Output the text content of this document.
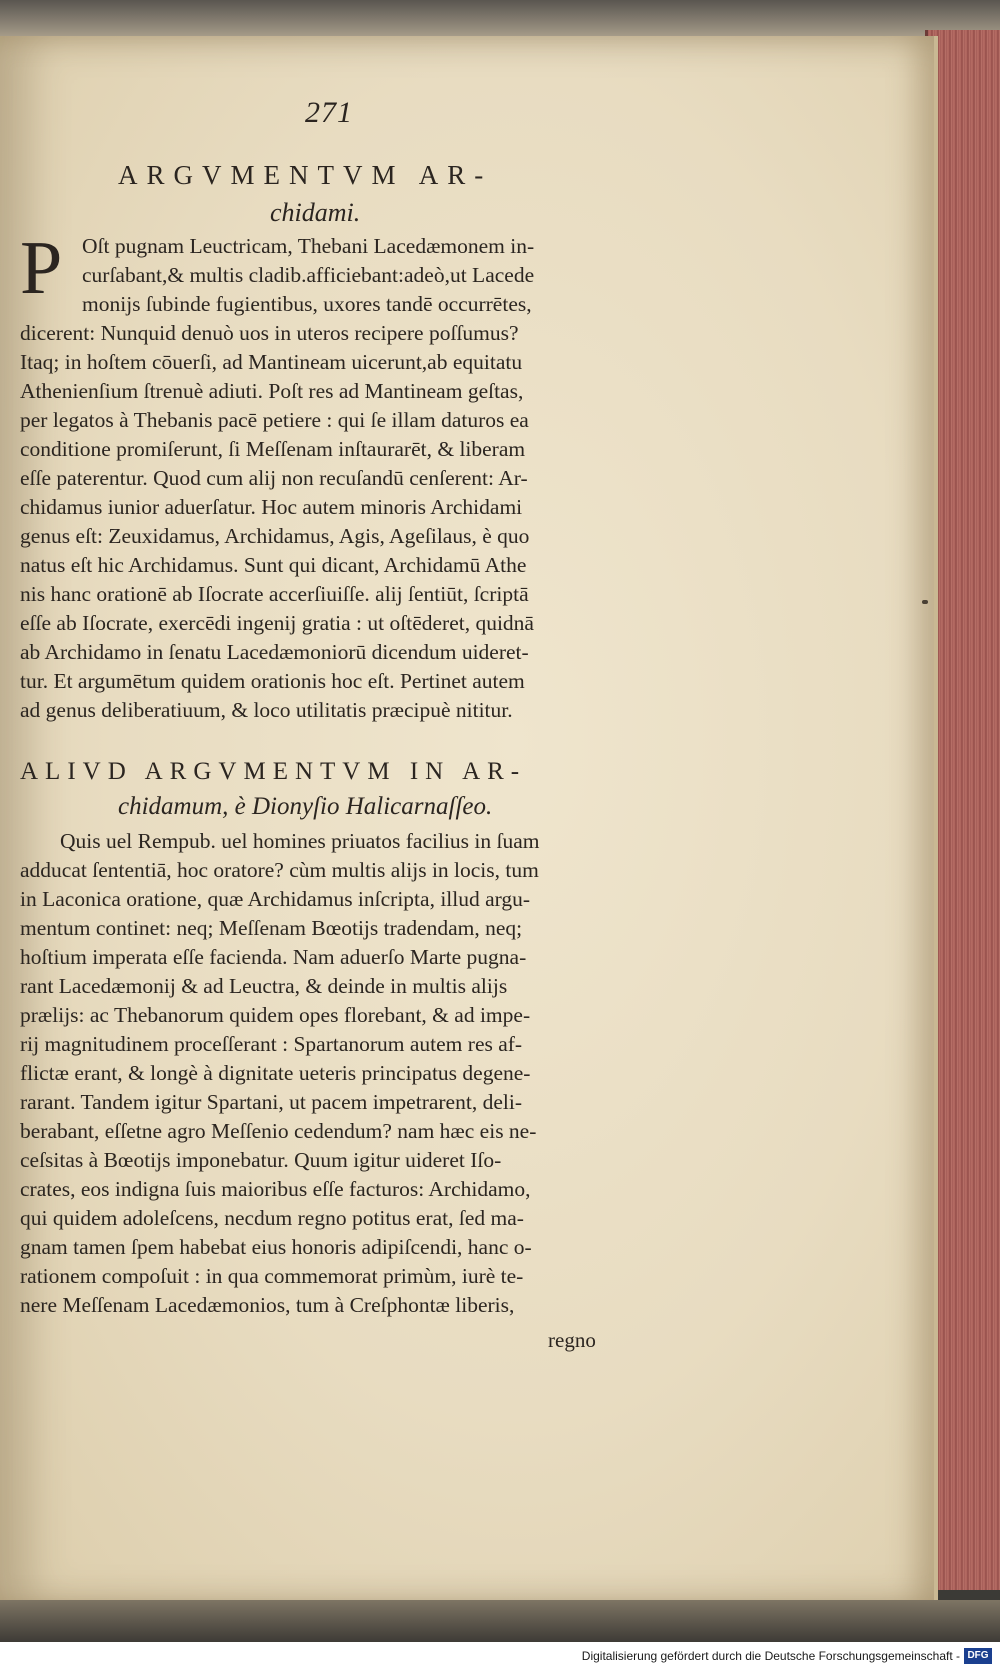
271
ARGVMENTVM AR-
chidami.
P Oſt pugnam Leuctricam, Thebani Lacedæmonem in-
curſabant,& multis cladib.afficiebant:adeò,ut Lacede
monijs ſubinde fugientibus, uxores tandē occurrētes,
dicerent: Nunquid denuò uos in uteros recipere poſſumus?
Itaq; in hoſtem cōuerſi, ad Mantineam uicerunt,ab equitatu
Athenienſium ſtrenuè adiuti. Poſt res ad Mantineam geſtas,
per legatos à Thebanis pacē petiere : qui ſe illam daturos ea
conditione promiſerunt, ſi Meſſenam inſtaurarēt, & liberam
eſſe paterentur. Quod cum alij non recuſandū cenſerent: Ar-
chidamus iunior aduerſatur. Hoc autem minoris Archidami
genus eſt: Zeuxidamus, Archidamus, Agis, Ageſilaus, è quo
natus eſt hic Archidamus. Sunt qui dicant, Archidamū Athe
nis hanc orationē ab Iſocrate accerſiuiſſe. alij ſentiūt, ſcriptā
eſſe ab Iſocrate, exercēdi ingenij gratia : ut oſtēderet, quidnā
ab Archidamo in ſenatu Lacedæmoniorū dicendum uideret-
tur. Et argumētum quidem orationis hoc eſt. Pertinet autem
ad genus deliberatiuum, & loco utilitatis præcipuè nititur.
ALIVD ARGVMENTVM IN AR-
chidamum, è Dionyſio Halicarnaſſeo.
Quis uel Rempub. uel homines priuatos facilius in ſuam
adducat ſententiā, hoc oratore? cùm multis alijs in locis, tum
in Laconica oratione, quæ Archidamus inſcripta, illud argu-
mentum continet: neq; Meſſenam Bœotijs tradendam, neq;
hoſtium imperata eſſe facienda. Nam aduerſo Marte pugna-
rant Lacedæmonij & ad Leuctra, & deinde in multis alijs
prælijs: ac Thebanorum quidem opes florebant, & ad impe-
rij magnitudinem proceſſerant : Spartanorum autem res af-
flictæ erant, & longè à dignitate ueteris principatus degene-
rarant. Tandem igitur Spartani, ut pacem impetrarent, deli-
berabant, eſſetne agro Meſſenio cedendum? nam hæc eis ne-
ceſsitas à Bœotijs imponebatur. Quum igitur uideret Iſo-
crates, eos indigna ſuis maioribus eſſe facturos: Archidamo,
qui quidem adoleſcens, necdum regno potitus erat, ſed ma-
gnam tamen ſpem habebat eius honoris adipiſcendi, hanc o-
rationem compoſuit : in qua commemorat primùm, iurè te-
nere Meſſenam Lacedæmonios, tum à Creſphontæ liberis,
regno
Digitalisierung gefördert durch die Deutsche Forschungsgemeinschaft - DFG
